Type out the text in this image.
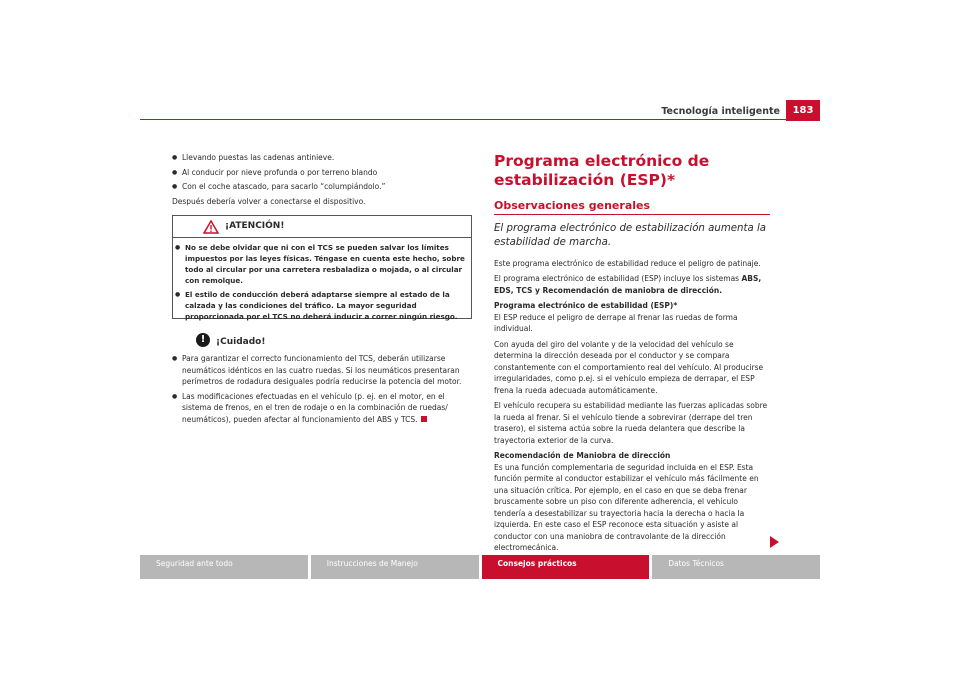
Tecnología inteligente	183
● Llevando puestas las cadenas antinieve.
● Al conducir por nieve profunda o por terreno blando
● Con el coche atascado, para sacarlo “columpiándolo.”
Después debería volver a conectarse el dispositivo.
¡ATENCIÓN!
● No se debe olvidar que ni con el TCS se pueden salvar los límites impuestos por las leyes físicas. Téngase en cuenta este hecho, sobre todo al circular por una carretera resbaladiza o mojada, o al circular con remolque.
● El estilo de conducción deberá adaptarse siempre al estado de la calzada y las condiciones del tráfico. La mayor seguridad proporcionada por el TCS no deberá inducir a correr ningún riesgo.
!	¡Cuidado!
● Para garantizar el correcto funcionamiento del TCS, deberán utilizarse neumáticos idénticos en las cuatro ruedas. Si los neumáticos presentaran perímetros de rodadura desiguales podría reducirse la potencia del motor.
● Las modificaciones efectuadas en el vehículo (p. ej. en el motor, en el sistema de frenos, en el tren de rodaje o en la combinación de ruedas/ neumáticos), pueden afectar al funcionamiento del ABS y TCS.
Programa electrónico de estabilización (ESP)*
Observaciones generales
El programa electrónico de estabilización aumenta la estabilidad de marcha.
Este programa electrónico de estabilidad reduce el peligro de patinaje.
El programa electrónico de estabilidad (ESP) incluye los sistemas ABS, EDS, TCS y Recomendación de maniobra de dirección.
Programa electrónico de estabilidad (ESP)*
El ESP reduce el peligro de derrape al frenar las ruedas de forma individual.
Con ayuda del giro del volante y de la velocidad del vehículo se determina la dirección deseada por el conductor y se compara constantemente con el comportamiento real del vehículo. Al producirse irregularidades, como p.ej. si el vehículo empieza de derrapar, el ESP frena la rueda adecuada automáticamente.
El vehículo recupera su estabilidad mediante las fuerzas aplicadas sobre la rueda al frenar. Si el vehículo tiende a sobrevirar (derrape del tren trasero), el sistema actúa sobre la rueda delantera que describe la trayectoria exterior de la curva.
Recomendación de Maniobra de dirección
Es una función complementaria de seguridad incluida en el ESP. Esta función permite al conductor estabilizar el vehículo más fácilmente en una situación crítica. Por ejemplo, en el caso en que se deba frenar bruscamente sobre un piso con diferente adherencia, el vehículo tendería a desestabilizar su trayectoria hacia la derecha o hacia la izquierda. En este caso el ESP reconoce esta situación y asiste al conductor con una maniobra de contravolante de la dirección electromecánica.
Seguridad ante todo	Instrucciones de Manejo	Consejos prácticos	Datos Técnicos
